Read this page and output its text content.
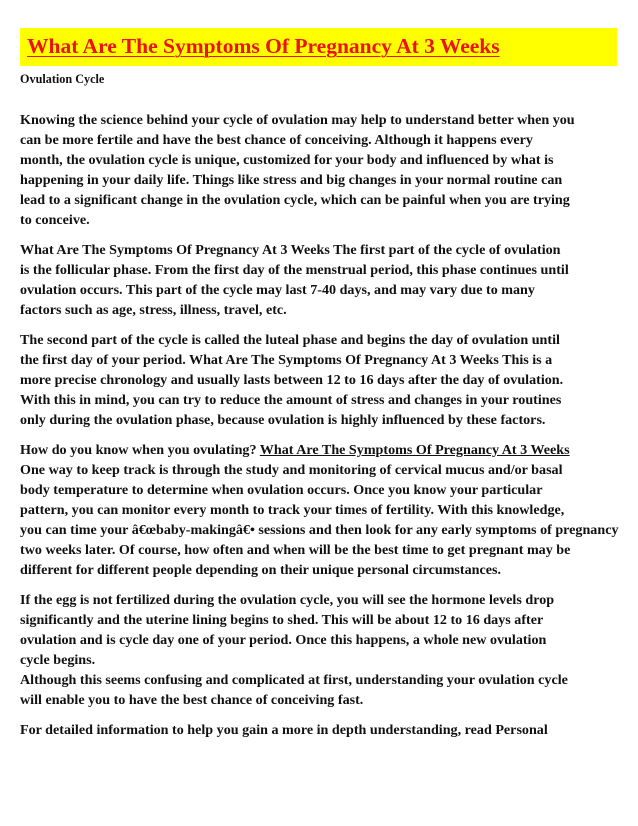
What Are The Symptoms Of Pregnancy At 3 Weeks
Ovulation Cycle
Knowing the science behind your cycle of ovulation may help to understand better when you
can be more fertile and have the best chance of conceiving. Although it happens every
month, the ovulation cycle is unique, customized for your body and influenced by what is
happening in your daily life. Things like stress and big changes in your normal routine can
lead to a significant change in the ovulation cycle, which can be painful when you are trying
to conceive.
What Are The Symptoms Of Pregnancy At 3 Weeks The first part of the cycle of ovulation
is the follicular phase. From the first day of the menstrual period, this phase continues until
ovulation occurs. This part of the cycle may last 7-40 days, and may vary due to many
factors such as age, stress, illness, travel, etc.
The second part of the cycle is called the luteal phase and begins the day of ovulation until
the first day of your period. What Are The Symptoms Of Pregnancy At 3 Weeks This is a
more precise chronology and usually lasts between 12 to 16 days after the day of ovulation.
With this in mind, you can try to reduce the amount of stress and changes in your routines
only during the ovulation phase, because ovulation is highly influenced by these factors.
How do you know when you ovulating? What Are The Symptoms Of Pregnancy At 3 Weeks
One way to keep track is through the study and monitoring of cervical mucus and/or basal
body temperature to determine when ovulation occurs. Once you know your particular
pattern, you can monitor every month to track your times of fertility. With this knowledge,
you can time your â€œbaby-makingâ€• sessions and then look for any early symptoms of pregnancy
two weeks later. Of course, how often and when will be the best time to get pregnant may be
different for different people depending on their unique personal circumstances.
If the egg is not fertilized during the ovulation cycle, you will see the hormone levels drop
significantly and the uterine lining begins to shed. This will be about 12 to 16 days after
ovulation and is cycle day one of your period. Once this happens, a whole new ovulation
cycle begins.
Although this seems confusing and complicated at first, understanding your ovulation cycle
will enable you to have the best chance of conceiving fast.
For detailed information to help you gain a more in depth understanding, read Personal
